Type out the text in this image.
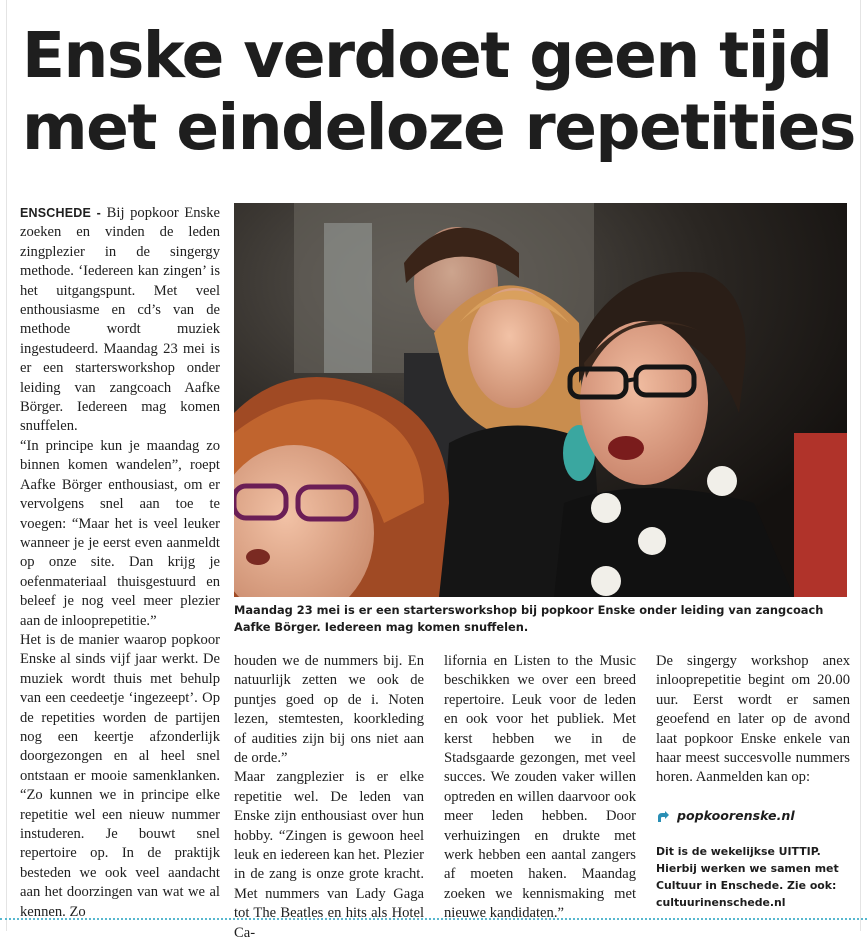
Enske verdoet geen tijd
met eindeloze repetities

ENSCHEDE - Bij popkoor Enske zoeken en vinden de leden zingplezier in de singergy methode. ‘Iedereen kan zingen’ is het uitgangspunt. Met veel enthousiasme en cd’s van de methode wordt muziek ingestudeerd. Maandag 23 mei is er een startersworkshop onder leiding van zangcoach Aafke Börger. Iedereen mag komen snuffelen.

“In principe kun je maandag zo binnen komen wandelen”, roept Aafke Börger enthousiast, om er vervolgens snel aan toe te voegen: “Maar het is veel leuker wanneer je je eerst even aanmeldt op onze site. Dan krijg je oefenmateriaal thuisgestuurd en beleef je nog veel meer plezier aan de inlooprepetitie.”

Het is de manier waarop popkoor Enske al sinds vijf jaar werkt. De muziek wordt thuis met behulp van een ceedeetje ‘ingezeept’. Op de repetities worden de partijen nog een keertje afzonderlijk doorgezongen en al heel snel ontstaan er mooie samenklanken. “Zo kunnen we in principe elke repetitie wel een nieuw nummer instuderen. Je bouwt snel repertoire op. In de praktijk besteden we ook veel aandacht aan het doorzingen van wat we al kennen. Zo

Maandag 23 mei is er een startersworkshop bij popkoor Enske onder leiding van zangcoach Aafke Börger. Iedereen mag komen snuffelen.

houden we de nummers bij. En natuurlijk zetten we ook de puntjes goed op de i. Noten lezen, stemtesten, koorkleding of audities zijn bij ons niet aan de orde.”

Maar zangplezier is er elke repetitie wel. De leden van Enske zijn enthousiast over hun hobby. “Zingen is gewoon heel leuk en iedereen kan het. Plezier in de zang is onze grote kracht. Met nummers van Lady Gaga tot The Beatles en hits als Hotel Ca-

lifornia en Listen to the Music beschikken we over een breed repertoire. Leuk voor de leden en ook voor het publiek. Met kerst hebben we in de Stadsgaarde gezongen, met veel succes. We zouden vaker willen optreden en willen daarvoor ook meer leden hebben. Door verhuizingen en drukte met werk hebben een aantal zangers af moeten haken. Maandag zoeken we kennismaking met nieuwe kandidaten.”

De singergy workshop anex inlooprepetitie begint om 20.00 uur. Eerst wordt er samen geoefend en later op de avond laat popkoor Enske enkele van haar meest succesvolle nummers horen. Aanmelden kan op:

popkoorenske.nl

Dit is de wekelijkse UITTIP.

Hierbij werken we samen met Cultuur in Enschede. Zie ook: cultuurinenschede.nl
